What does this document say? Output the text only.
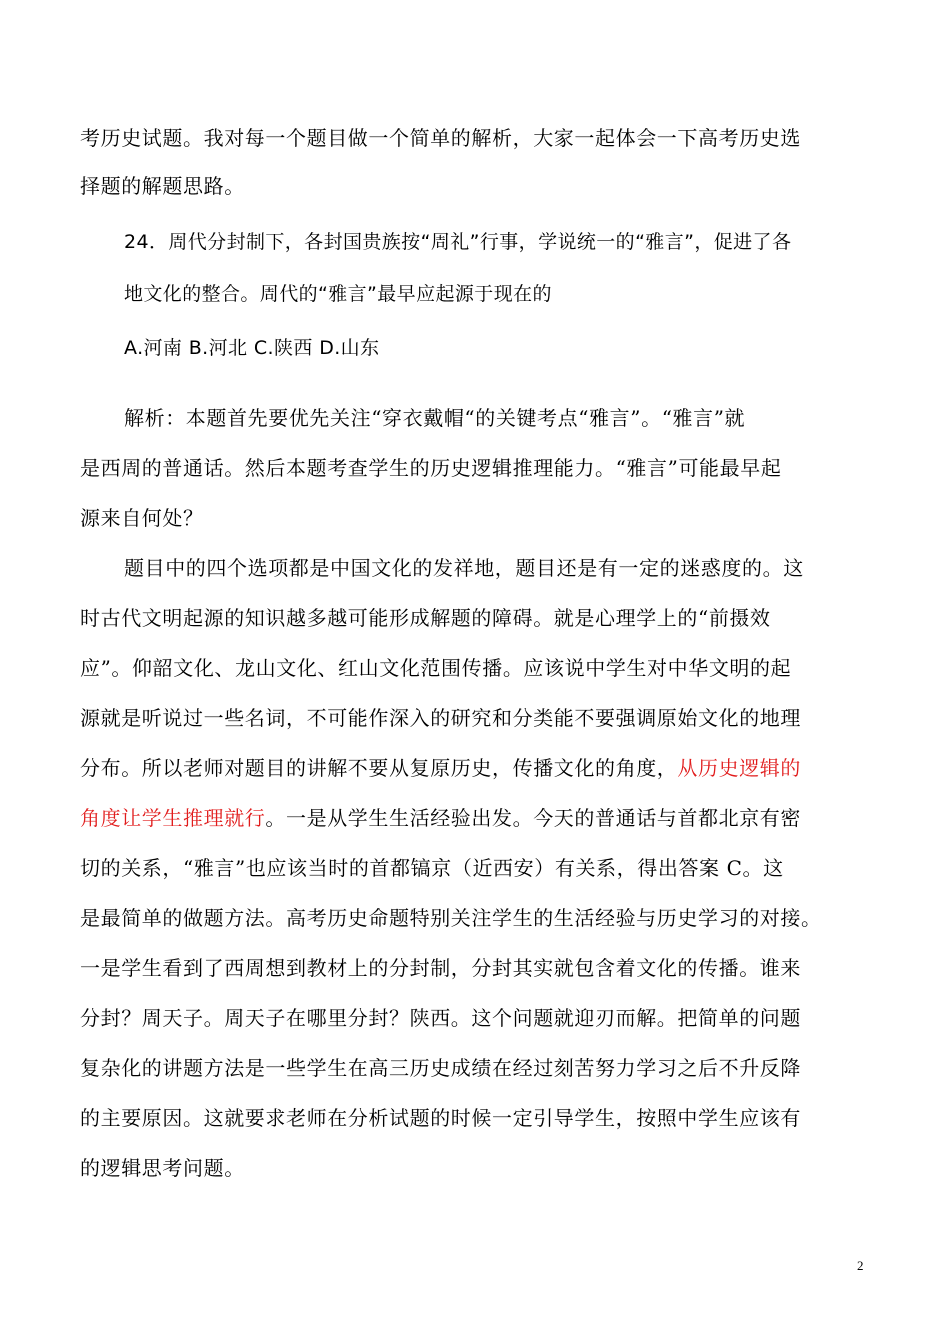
考历史试题。我对每一个题目做一个简单的解析，大家一起体会一下高考历史选
择题的解题思路。
24．周代分封制下，各封国贵族按“周礼”行事，学说统一的“雅言”，促进了各
地文化的整合。周代的“雅言”最早应起源于现在的
A.河南 B.河北 C.陕西 D.山东
解析：本题首先要优先关注“穿衣戴帽“的关键考点“雅言”。“雅言”就
是西周的普通话。然后本题考查学生的历史逻辑推理能力。“雅言”可能最早起
源来自何处？
题目中的四个选项都是中国文化的发祥地，题目还是有一定的迷惑度的。这
时古代文明起源的知识越多越可能形成解题的障碍。就是心理学上的“前摄效
应”。仰韶文化、龙山文化、红山文化范围传播。应该说中学生对中华文明的起
源就是听说过一些名词，不可能作深入的研究和分类能不要强调原始文化的地理
分布。所以老师对题目的讲解不要从复原历史，传播文化的角度，从历史逻辑的
角度让学生推理就行。一是从学生生活经验出发。今天的普通话与首都北京有密
切的关系，“雅言”也应该当时的首都镐京（近西安）有关系，得出答案 C。这
是最简单的做题方法。高考历史命题特别关注学生的生活经验与历史学习的对接。
一是学生看到了西周想到教材上的分封制，分封其实就包含着文化的传播。谁来
分封？周天子。周天子在哪里分封？陕西。这个问题就迎刃而解。把简单的问题
复杂化的讲题方法是一些学生在高三历史成绩在经过刻苦努力学习之后不升反降
的主要原因。这就要求老师在分析试题的时候一定引导学生，按照中学生应该有
的逻辑思考问题。
2
